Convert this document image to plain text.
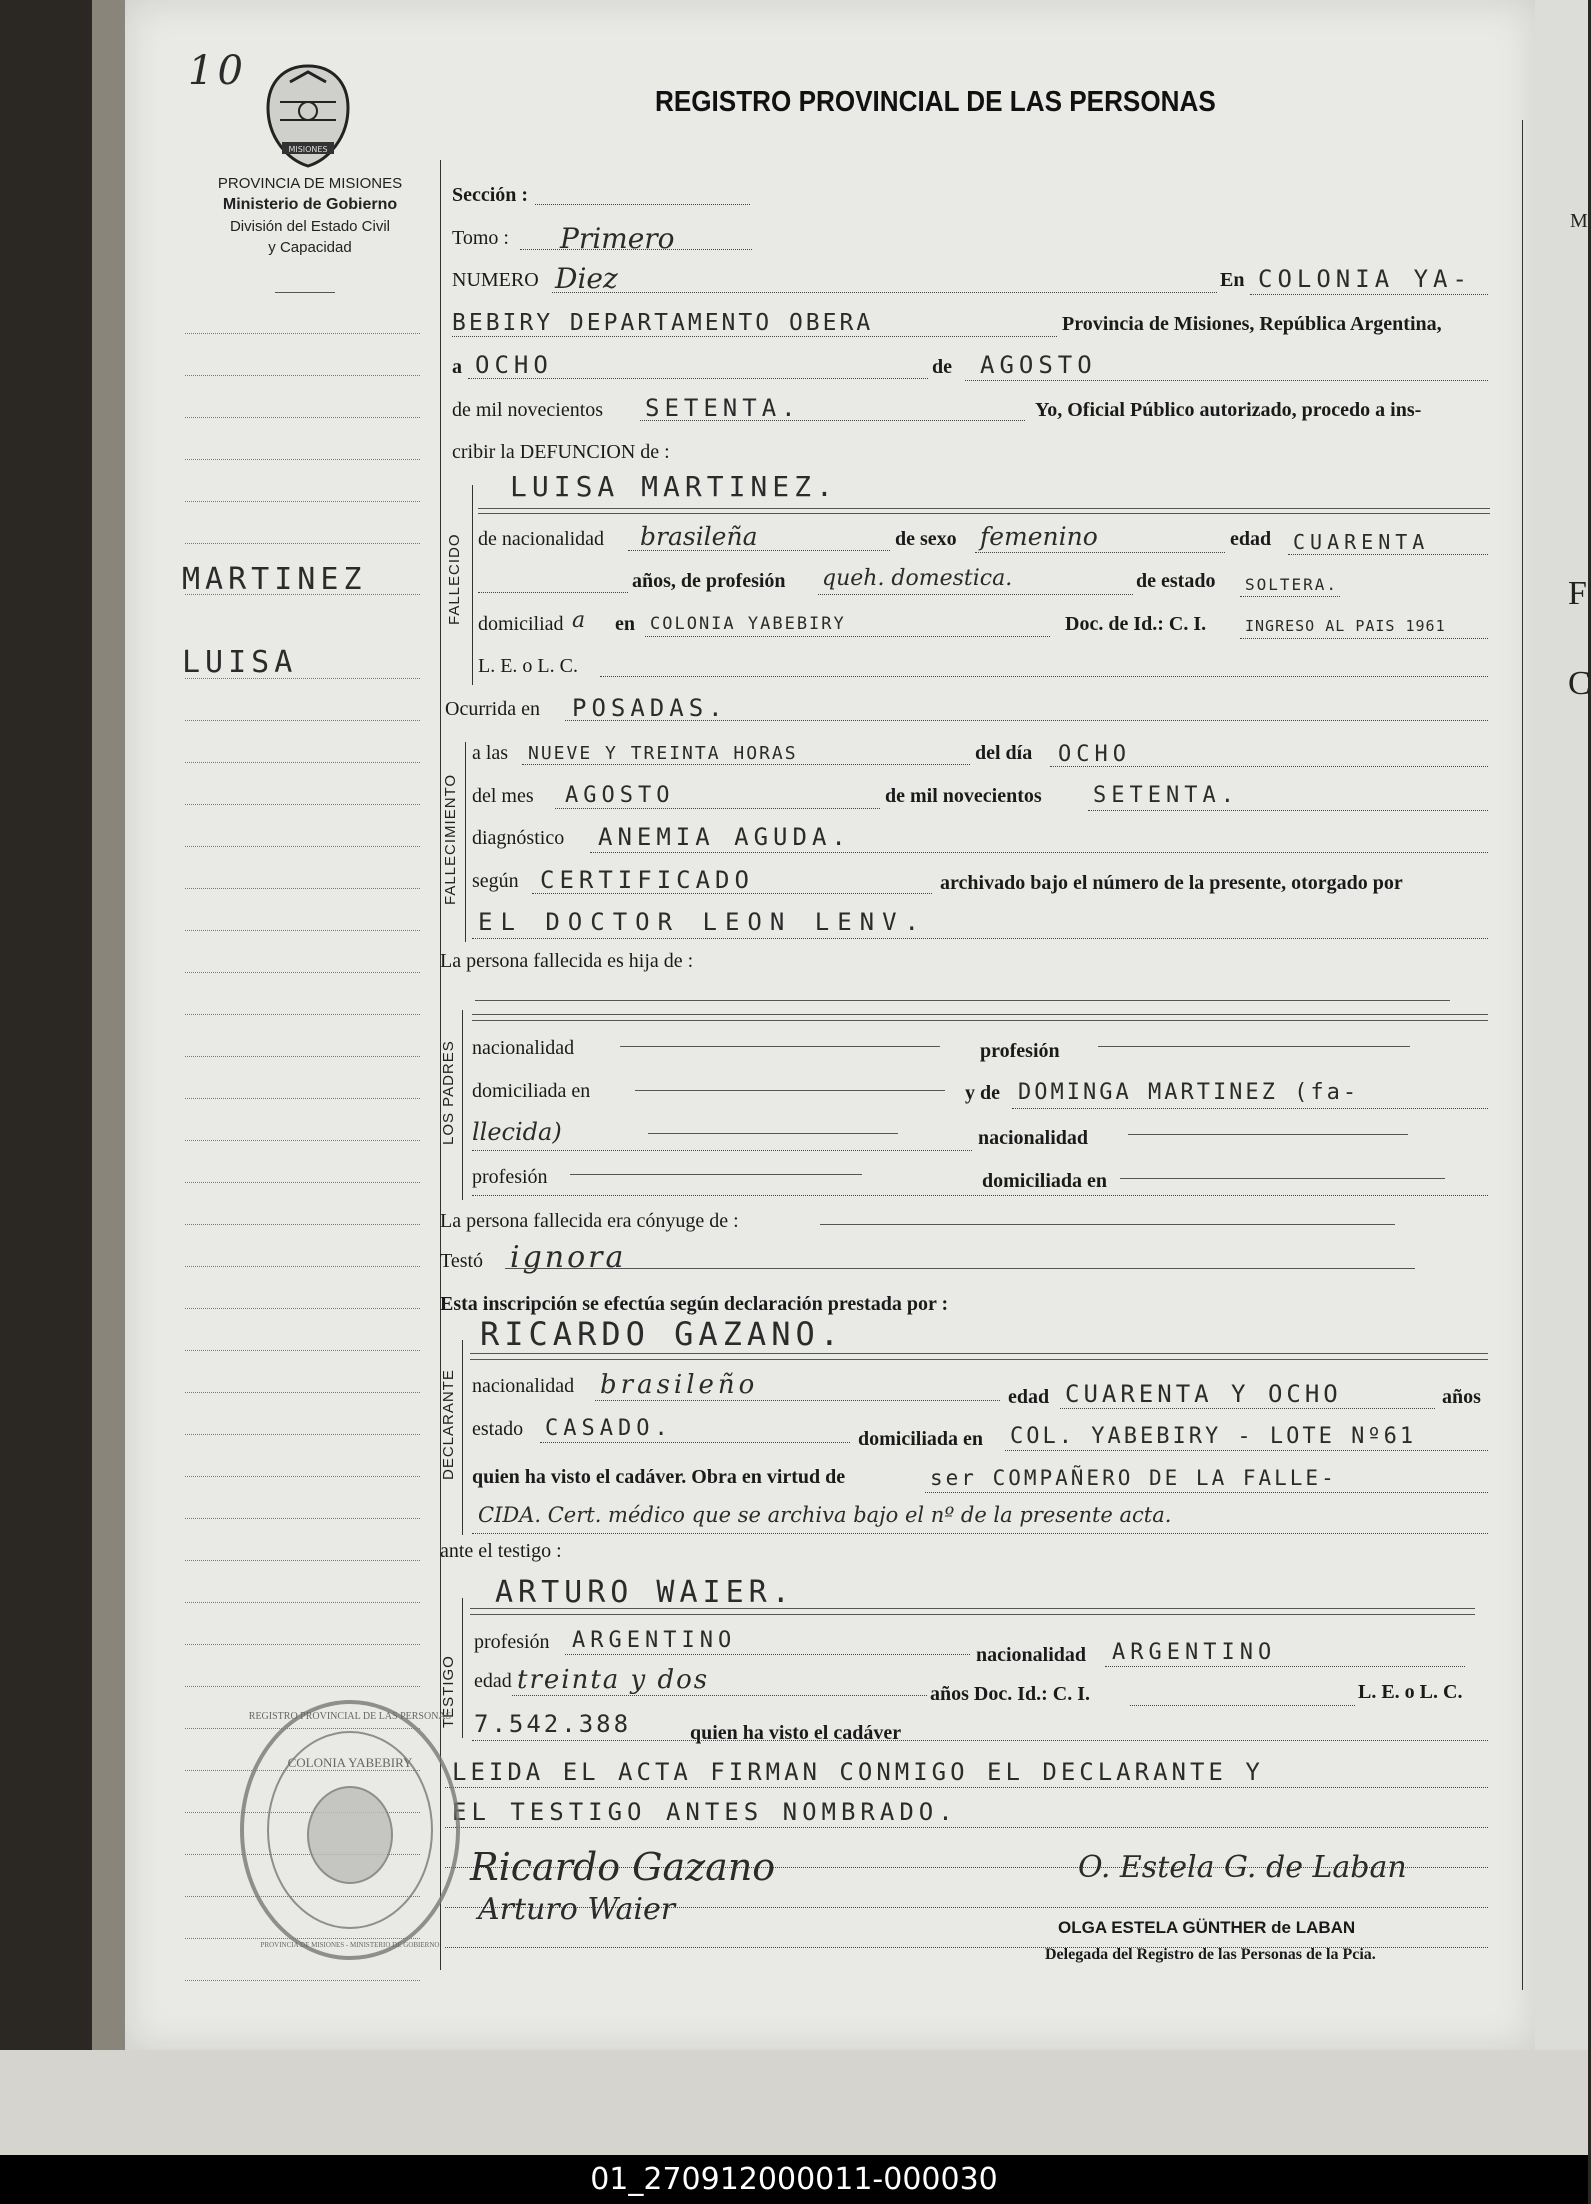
M
F
C
10
MISIONES
PROVINCIA DE MISIONES
Ministerio de Gobierno
División del Estado Civil
y Capacidad
REGISTRO PROVINCIAL DE LAS PERSONAS
MARTINEZ
LUISA
Sección :
Tomo : Primero
NUMERO Diez	En COLONIA YA-
BEBIRY DEPARTAMENTO OBERA	Provincia de Misiones, República Argentina,
a OCHO	de AGOSTO
de mil novecientos SETENTA.	Yo, Oficial Público autorizado, procedo a ins-
cribir la DEFUNCION de :
FALLECIDO
LUISA MARTINEZ.
de nacionalidad brasileña	de sexo femenino	edad CUARENTA
años, de profesión queh. domestica.	de estado SOLTERA.
domiciliad a en COLONIA YABEBIRY	Doc. de Id.: C. I.	INGRESO AL PAIS 1961
L. E. o L. C.
Ocurrida en POSADAS.
FALLECIMIENTO
a las NUEVE Y TREINTA HORAS	del día OCHO
del mes AGOSTO	de mil novecientos SETENTA.
diagnóstico ANEMIA AGUDA.
según CERTIFICADO	archivado bajo el número de la presente, otorgado por
EL DOCTOR LEON LENV.
La persona fallecida es hija de :
LOS PADRES nacionalidad	profesión
domiciliada en	y de DOMINGA MARTINEZ (fa-
llecida)	nacionalidad
profesión	domiciliada en
La persona fallecida era cónyuge de :
Testó ignora
Esta inscripción se efectúa según declaración prestada por :
DECLARANTE
RICARDO GAZANO.
nacionalidad brasileño	edad CUARENTA Y OCHO	años
estado CASADO.	domiciliada en COL. YABEBIRY - LOTE Nº61
quien ha visto el cadáver. Obra en virtud de	ser COMPAÑERO DE LA FALLE-
CIDA. Cert. médico que se archiva bajo el nº de la presente acta.
ante el testigo :
TESTIGO
ARTURO WAIER.
profesión ARGENTINO
nacionalidad ARGENTINO
edad treinta y dos	años Doc. Id.: C. I.	L. E. o L. C.
7.542.388	quien ha visto el cadáver
LEIDA EL ACTA FIRMAN CONMIGO EL DECLARANTE Y
EL TESTIGO ANTES NOMBRADO.
Ricardo Gazano
Arturo Waier
O. Estela G. de Laban
OLGA ESTELA GÜNTHER de LABAN
Delegada del Registro de las Personas de la Pcia.
COLONIA YABEBIRY
REGISTRO PROVINCIAL DE LAS PERSONAS
PROVINCIA DE MISIONES - MINISTERIO DE GOBIERNO
01_270912000011-000030
